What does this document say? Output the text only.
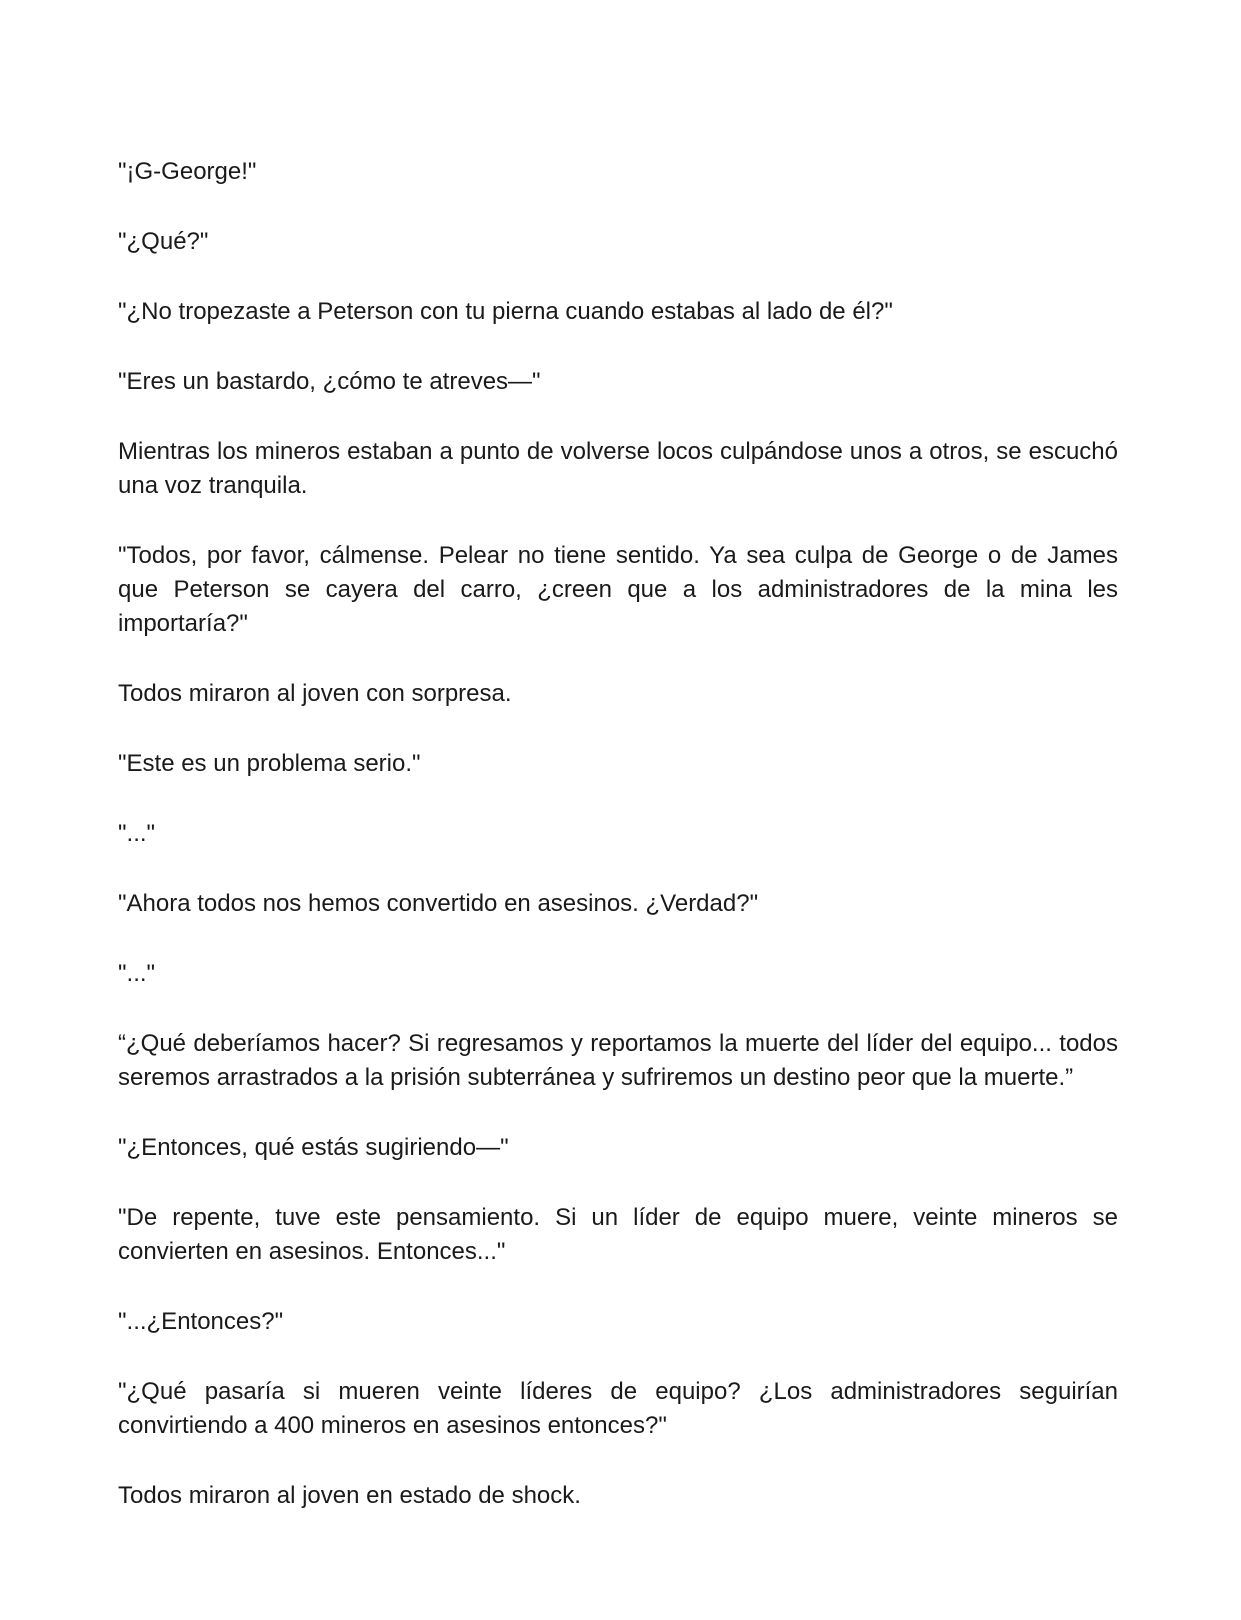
"¡G-George!"

"¿Qué?"

"¿No tropezaste a Peterson con tu pierna cuando estabas al lado de él?"

"Eres un bastardo, ¿cómo te atreves—"

Mientras los mineros estaban a punto de volverse locos culpándose unos a otros, se escuchó una voz tranquila.

"Todos, por favor, cálmense. Pelear no tiene sentido. Ya sea culpa de George o de James que Peterson se cayera del carro, ¿creen que a los administradores de la mina les importaría?"

Todos miraron al joven con sorpresa.

"Este es un problema serio."

"..."

"Ahora todos nos hemos convertido en asesinos. ¿Verdad?"

"..."

“¿Qué deberíamos hacer? Si regresamos y reportamos la muerte del líder del equipo... todos seremos arrastrados a la prisión subterránea y sufriremos un destino peor que la muerte.”

"¿Entonces, qué estás sugiriendo—"

"De repente, tuve este pensamiento. Si un líder de equipo muere, veinte mineros se convierten en asesinos. Entonces..."

"...¿Entonces?"

"¿Qué pasaría si mueren veinte líderes de equipo? ¿Los administradores seguirían convirtiendo a 400 mineros en asesinos entonces?"

Todos miraron al joven en estado de shock.
